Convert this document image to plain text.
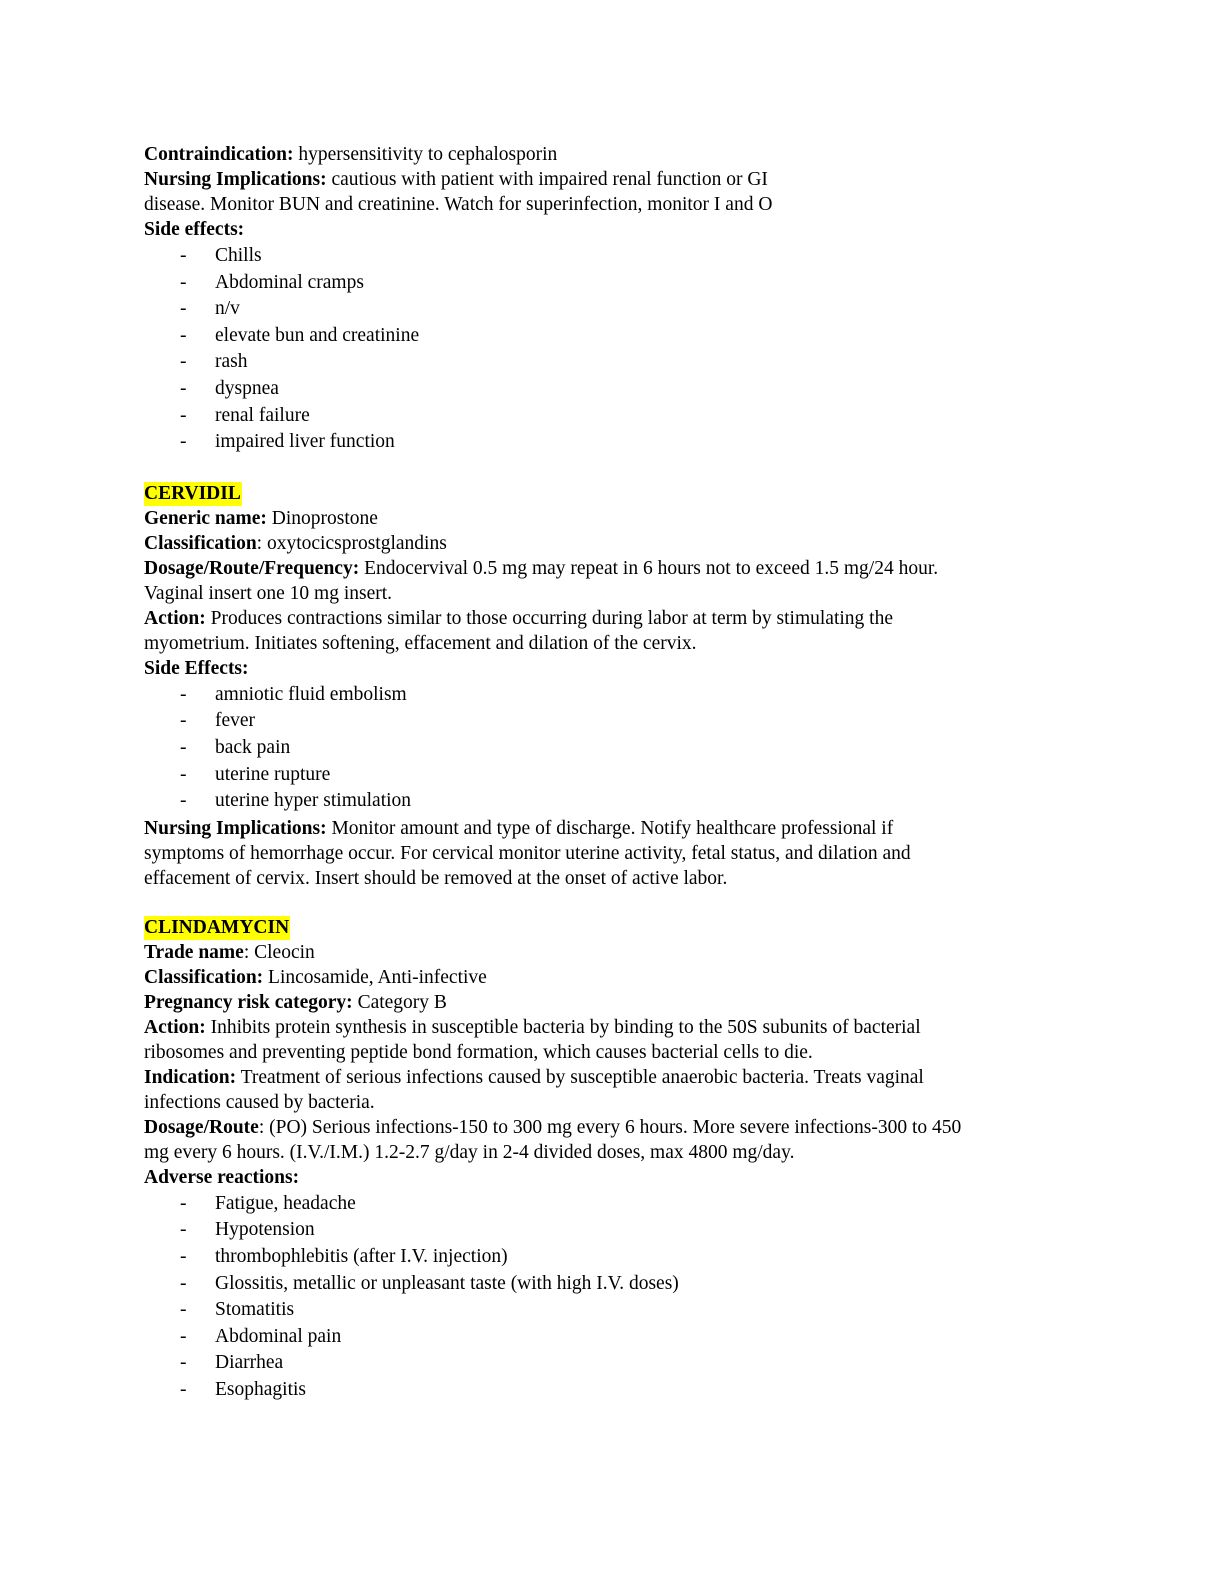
Contraindication: hypersensitivity to cephalosporin
Nursing Implications: cautious with patient with impaired renal function or GI
disease. Monitor BUN and creatinine. Watch for superinfection, monitor I and O
Side effects:
- Chills
- Abdominal cramps
- n/v
- elevate bun and creatinine
- rash
- dyspnea
- renal failure
- impaired liver function
CERVIDIL
Generic name: Dinoprostone
Classification: oxytocicsprostglandins
Dosage/Route/Frequency: Endocervival 0.5 mg may repeat in 6 hours not to exceed 1.5 mg/24 hour.
Vaginal insert one 10 mg insert.
Action: Produces contractions similar to those occurring during labor at term by stimulating the
myometrium. Initiates softening, effacement and dilation of the cervix.
Side Effects:
- amniotic fluid embolism
- fever
- back pain
- uterine rupture
- uterine hyper stimulation
Nursing Implications: Monitor amount and type of discharge. Notify healthcare professional if
symptoms of hemorrhage occur. For cervical monitor uterine activity, fetal status, and dilation and
effacement of cervix. Insert should be removed at the onset of active labor.
CLINDAMYCIN
Trade name: Cleocin
Classification: Lincosamide, Anti-infective
Pregnancy risk category: Category B
Action: Inhibits protein synthesis in susceptible bacteria by binding to the 50S subunits of bacterial
ribosomes and preventing peptide bond formation, which causes bacterial cells to die.
Indication: Treatment of serious infections caused by susceptible anaerobic bacteria. Treats vaginal
infections caused by bacteria.
Dosage/Route: (PO) Serious infections-150 to 300 mg every 6 hours. More severe infections-300 to 450
mg every 6 hours. (I.V./I.M.) 1.2-2.7 g/day in 2-4 divided doses, max 4800 mg/day.
Adverse reactions:
- Fatigue, headache
- Hypotension
- thrombophlebitis (after I.V. injection)
- Glossitis, metallic or unpleasant taste (with high I.V. doses)
- Stomatitis
- Abdominal pain
- Diarrhea
- Esophagitis
